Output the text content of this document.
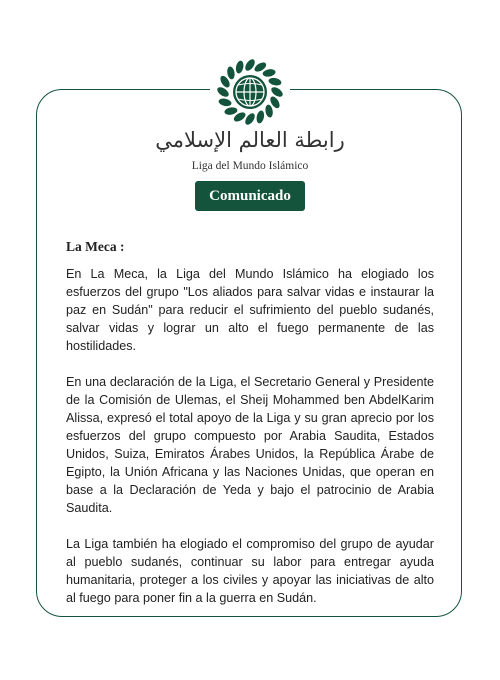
رابطة العالم الإسلامي
Liga del Mundo Islámico
Comunicado

La Meca :

En La Meca, la Liga del Mundo Islámico ha elogiado los esfuerzos del grupo "Los aliados para salvar vidas e instaurar la paz en Sudán" para reducir el sufrimiento del pueblo sudanés, salvar vidas y lograr un alto el fuego permanente de las hostilidades.

En una declaración de la Liga, el Secretario General y Presidente de la Comisión de Ulemas, el Sheij Mohammed ben AbdelKarim Alissa, expresó el total apoyo de la Liga y su gran aprecio por los esfuerzos del grupo compuesto por Arabia Saudita, Estados Unidos, Suiza, Emiratos Árabes Unidos, la República Árabe de Egipto, la Unión Africana y las Naciones Unidas, que operan en base a la Declaración de Yeda y bajo el patrocinio de Arabia Saudita.

La Liga también ha elogiado el compromiso del grupo de ayudar al pueblo sudanés, continuar su labor para entregar ayuda humanitaria, proteger a los civiles y apoyar las iniciativas de alto al fuego para poner fin a la guerra en Sudán.
